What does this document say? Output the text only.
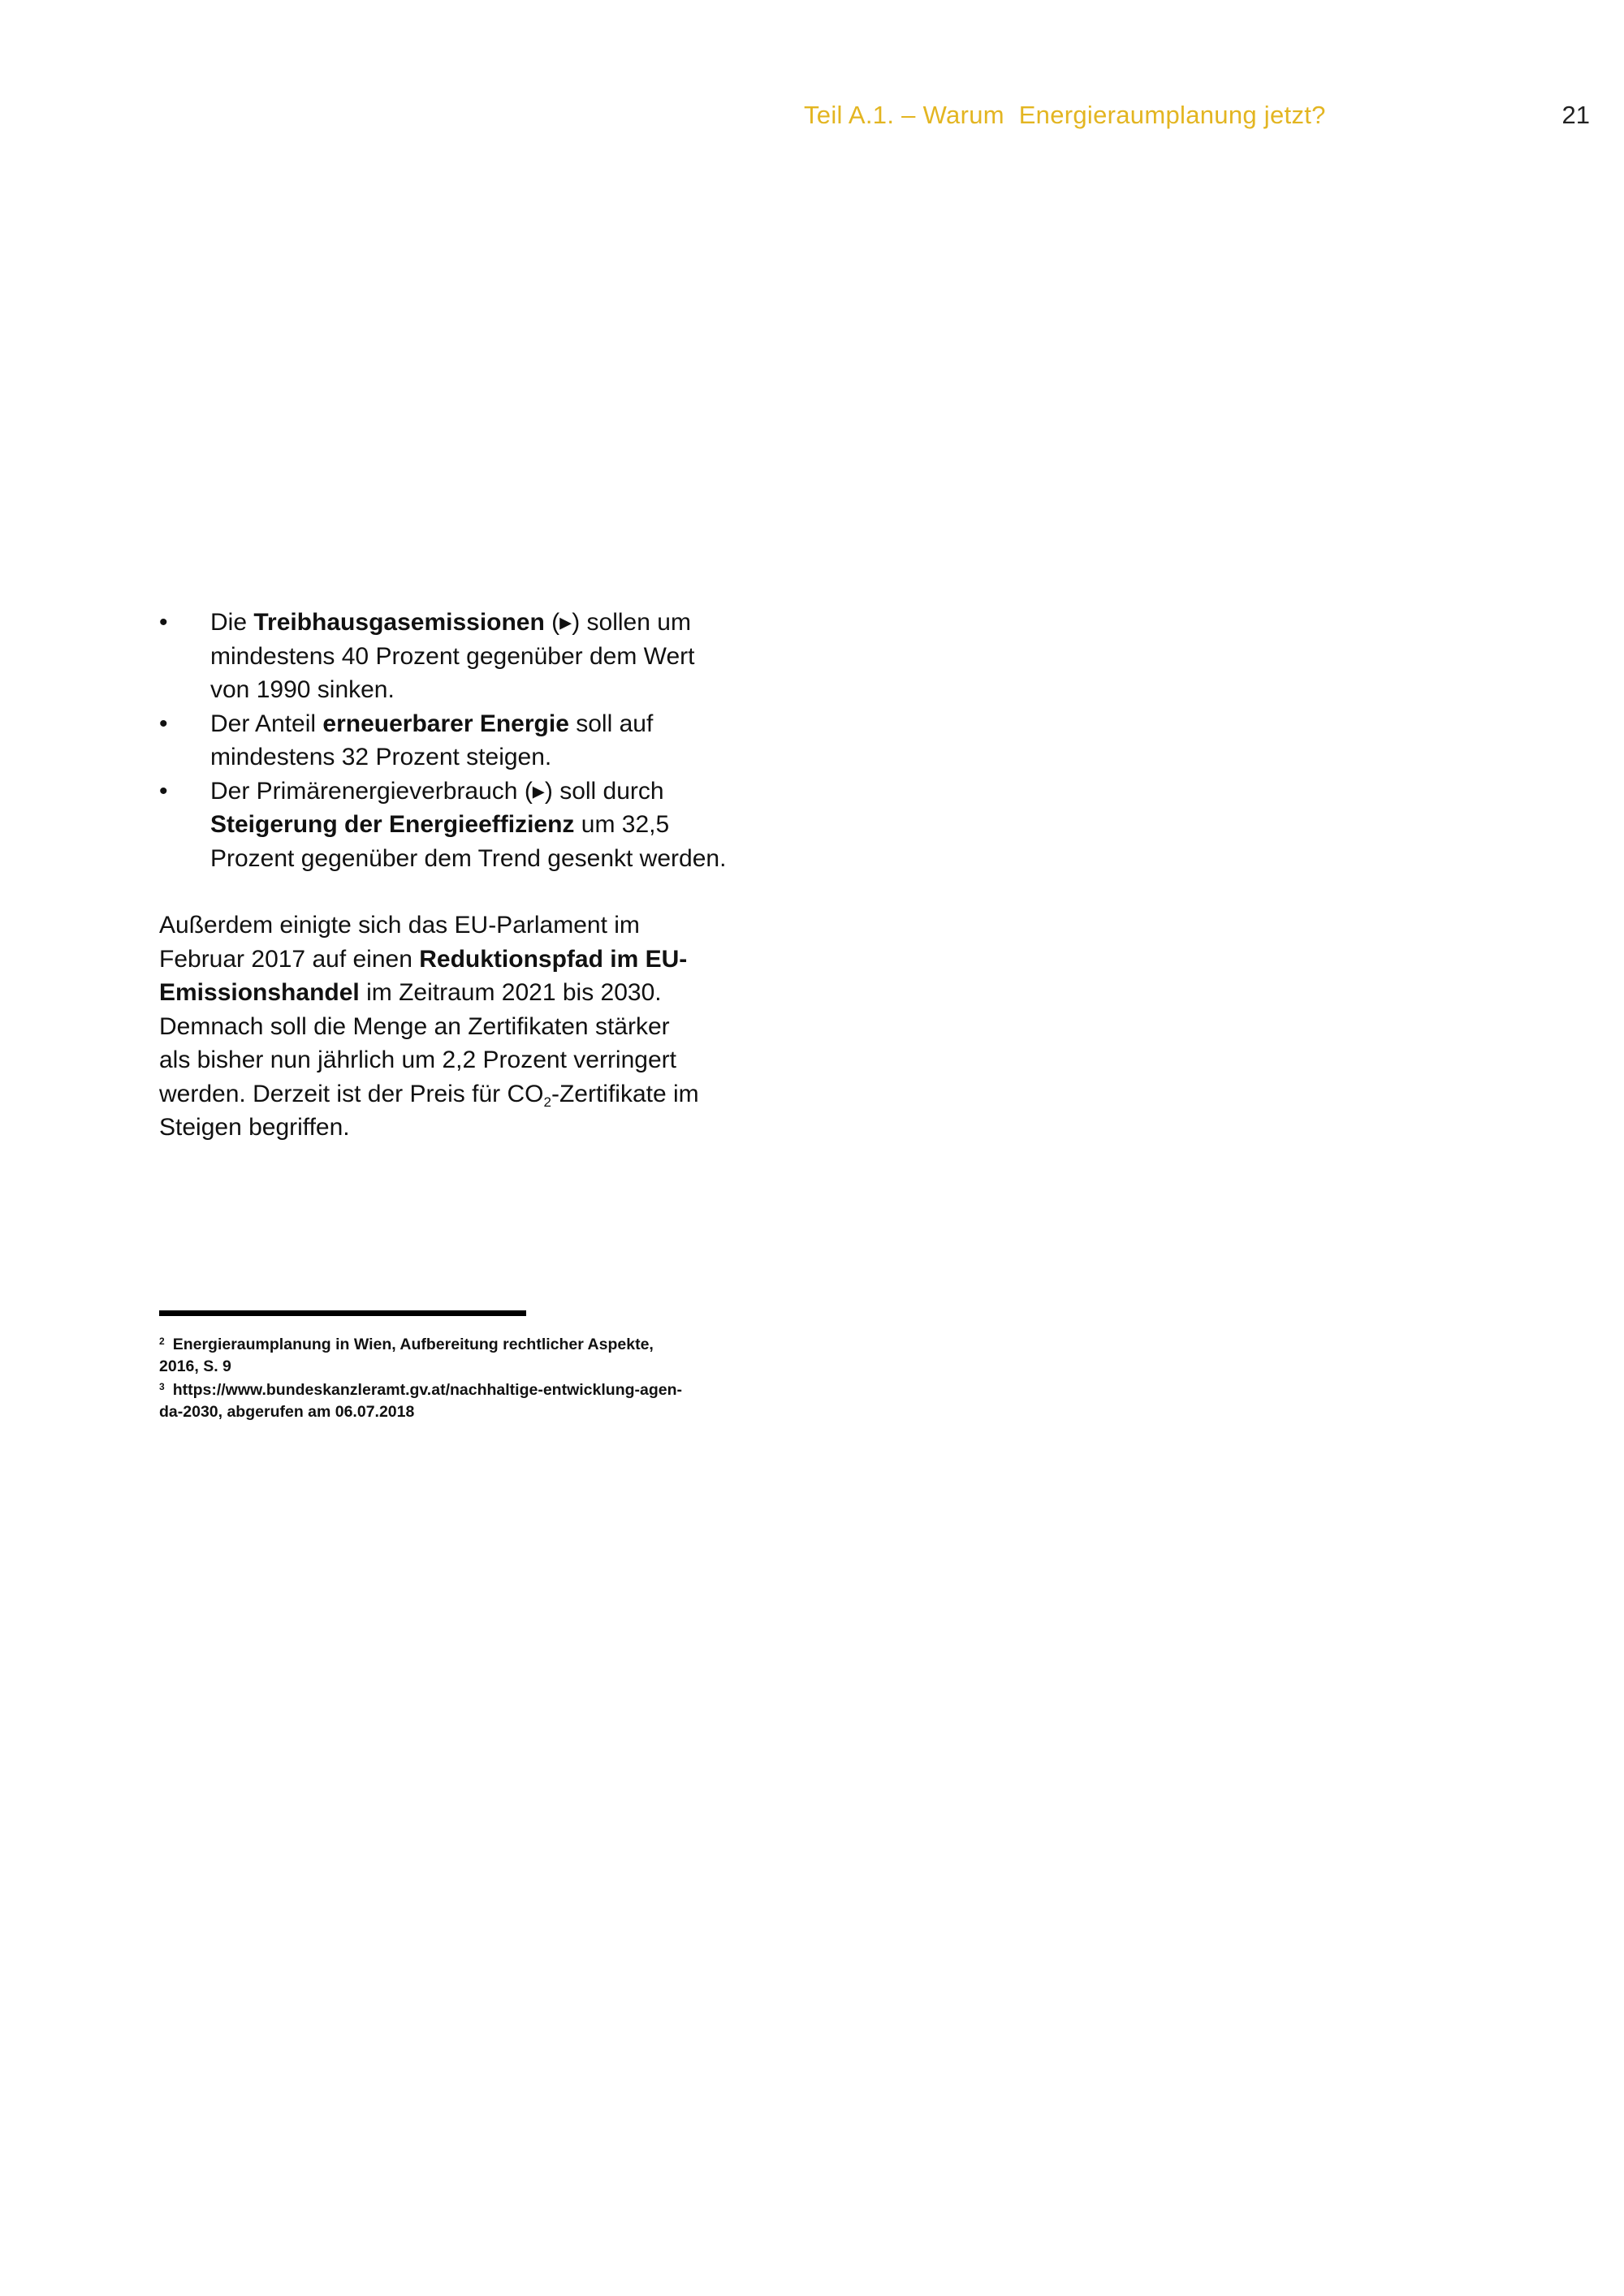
Teil A.1. – Warum  Energieraumplanung jetzt?	21
• Die Treibhausgasemissionen (▸) sollen um mindestens 40 Prozent gegenüber dem Wert von 1990 sinken.
• Der Anteil erneuerbarer Energie soll auf mindestens 32 Prozent steigen.
• Der Primärenergieverbrauch (▸) soll durch Steigerung der Energieeffizienz um 32,5 Prozent gegenüber dem Trend gesenkt werden.
Außerdem einigte sich das EU-Parlament im
Februar 2017 auf einen Reduktionspfad im EU-
Emissionshandel im Zeitraum 2021 bis 2030.
Demnach soll die Menge an Zertifikaten stärker
als bisher nun jährlich um 2,2 Prozent verringert
werden. Derzeit ist der Preis für $CO_2$-Zertifikate im
Steigen begriffen.
$^2$ Energieraumplanung in Wien, Aufbereitung rechtlicher Aspekte,
2016, S. 9
$^3$ https://www.bundeskanzleramt.gv.at/nachhaltige-entwicklung-agen-
da-2030, abgerufen am 06.07.2018
